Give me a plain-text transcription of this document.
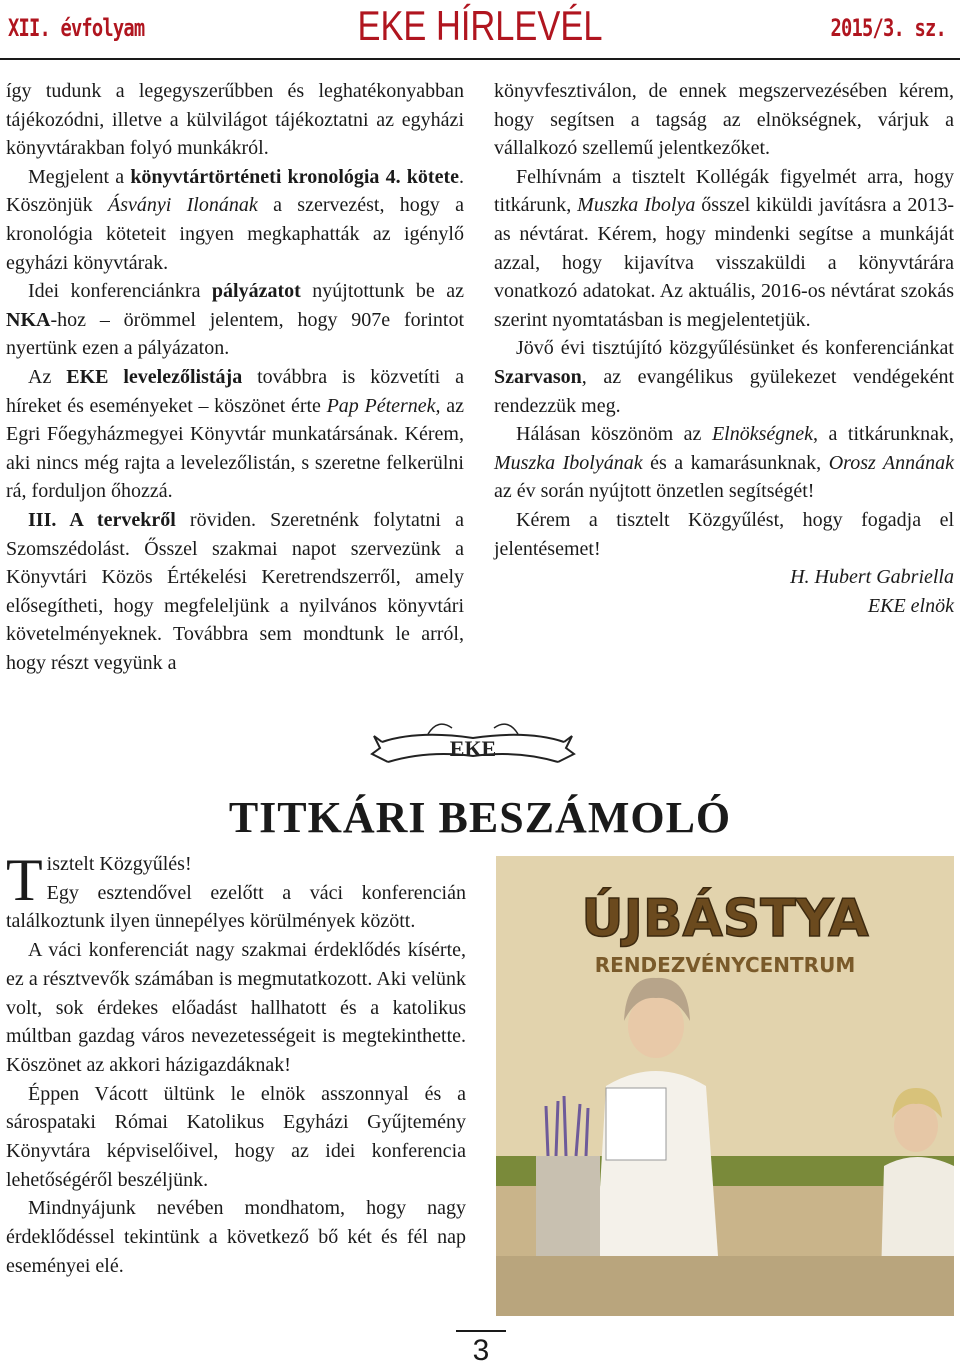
XII. évfolyam	EKE HÍRLEVÉL	2015/3. sz.

így tudunk a legegyszerűbben és leghatékonyabban tájékozódni, illetve a külvilágot tájékoztatni az egyházi könyvtárakban folyó munkákról.

Megjelent a könyvtártörténeti kronológia 4. kötete. Köszönjük Ásványi Ilonának a szervezést, hogy a kronológia köteteit ingyen megkaphatták az igénylő egyházi könyvtárak.

Idei konferenciánkra pályázatot nyújtottunk be az NKA-hoz – örömmel jelentem, hogy 907e forintot nyertünk ezen a pályázaton.

Az EKE levelezőlistája továbbra is közvetíti a híreket és eseményeket – köszönet érte Pap Péternek, az Egri Főegyházmegyei Könyvtár munkatársának. Kérem, aki nincs még rajta a levelezőlistán, s szeretne felkerülni rá, forduljon őhozzá.

III. A tervekről röviden. Szeretnénk folytatni a Szomszédolást. Ősszel szakmai napot szervezünk a Könyvtári Közös Értékelési Keretrendszerről, amely elősegítheti, hogy megfeleljünk a nyilvános könyvtári követelményeknek. Továbbra sem mondtunk le arról, hogy részt vegyünk a

könyvfesztiválon, de ennek megszervezésében kérem, hogy segítsen a tagság az elnökségnek, várjuk a vállalkozó szellemű jelentkezőket.

Felhívnám a tisztelt Kollégák figyelmét arra, hogy titkárunk, Muszka Ibolya ősszel kiküldi javításra a 2013-as névtárat. Kérem, hogy mindenki segítse a munkáját azzal, hogy kijavítva visszaküldi a könyvtárára vonatkozó adatokat. Az aktuális, 2016-os névtárat szokás szerint nyomtatásban is megjelentetjük.

Jövő évi tisztújító közgyűlésünket és konferenciánkat Szarvason, az evangélikus gyülekezet vendégeként rendezzük meg.

Hálásan köszönöm az Elnökségnek, a titkárunknak, Muszka Ibolyának és a kamarásunknak, Orosz Annának az év során nyújtott önzetlen segítségét!

Kérem a tisztelt Közgyűlést, hogy fogadja el jelentésemet!

H. Hubert Gabriella

EKE elnök

EKE
TITKÁRI BESZÁMOLÓ

Tisztelt Közgyűlés!

Egy esztendővel ezelőtt a váci konferencián találkoztunk ilyen ünnepélyes körülmények között.

A váci konferenciát nagy szakmai érdeklődés kísérte, ez a résztvevők számában is megmutatkozott. Aki velünk volt, sok érdekes előadást hallhatott és a katolikus múltban gazdag város nevezetességeit is megtekinthette. Köszönet az akkori házigazdáknak!

Éppen Vácott ültünk le elnök asszonnyal és a sárospataki Római Katolikus Egyházi Gyűjtemény Könyvtára képviselőivel, hogy az idei konferencia lehetőségéről beszéljünk.

Mindnyájunk nevében mondhatom, hogy nagy érdeklődéssel tekintünk a következő bő két és fél nap eseményei elé.

ÚJBÁSTYA
RENDEZVÉNYCENTRUM
3
